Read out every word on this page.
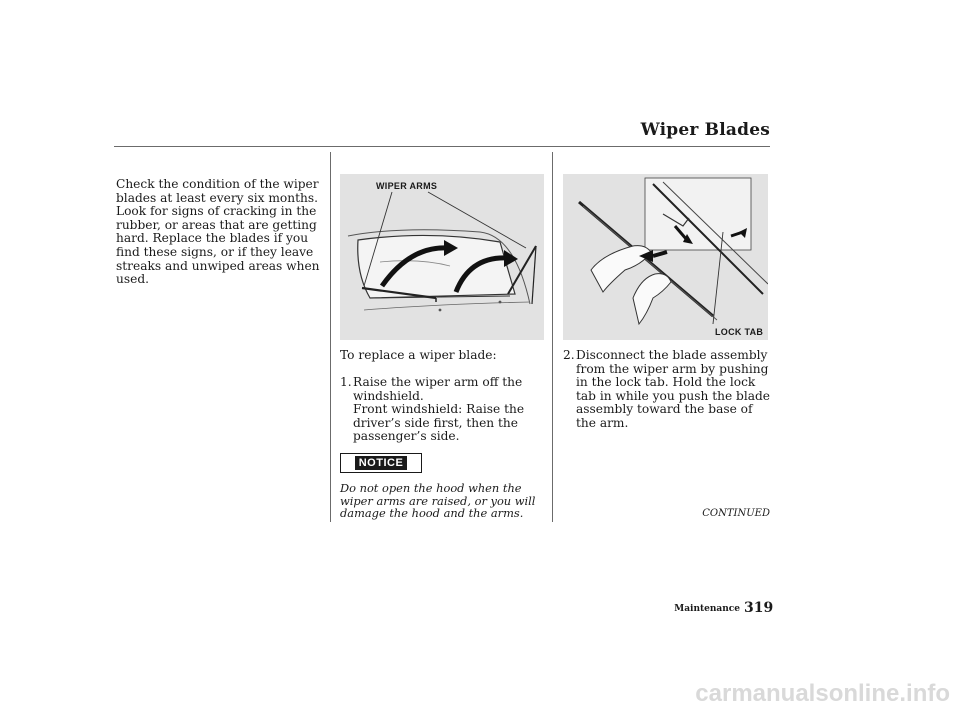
Wiper Blades
Check the condition of the wiper blades at least every six months. Look for signs of cracking in the rubber, or areas that are getting hard. Replace the blades if you find these signs, or if they leave streaks and unwiped areas when used.
WIPER ARMS
LOCK TAB
To replace a wiper blade:
1. Raise the wiper arm off the windshield.
Front windshield: Raise the driver’s side first, then the passenger’s side.
2. Disconnect the blade assembly from the wiper arm by pushing in the lock tab. Hold the lock tab in while you push the blade assembly toward the base of the arm.
NOTICE
Do not open the hood when the wiper arms are raised, or you will damage the hood and the arms.	CONTINUED
Maintenance 319
carmanualsonline.info
